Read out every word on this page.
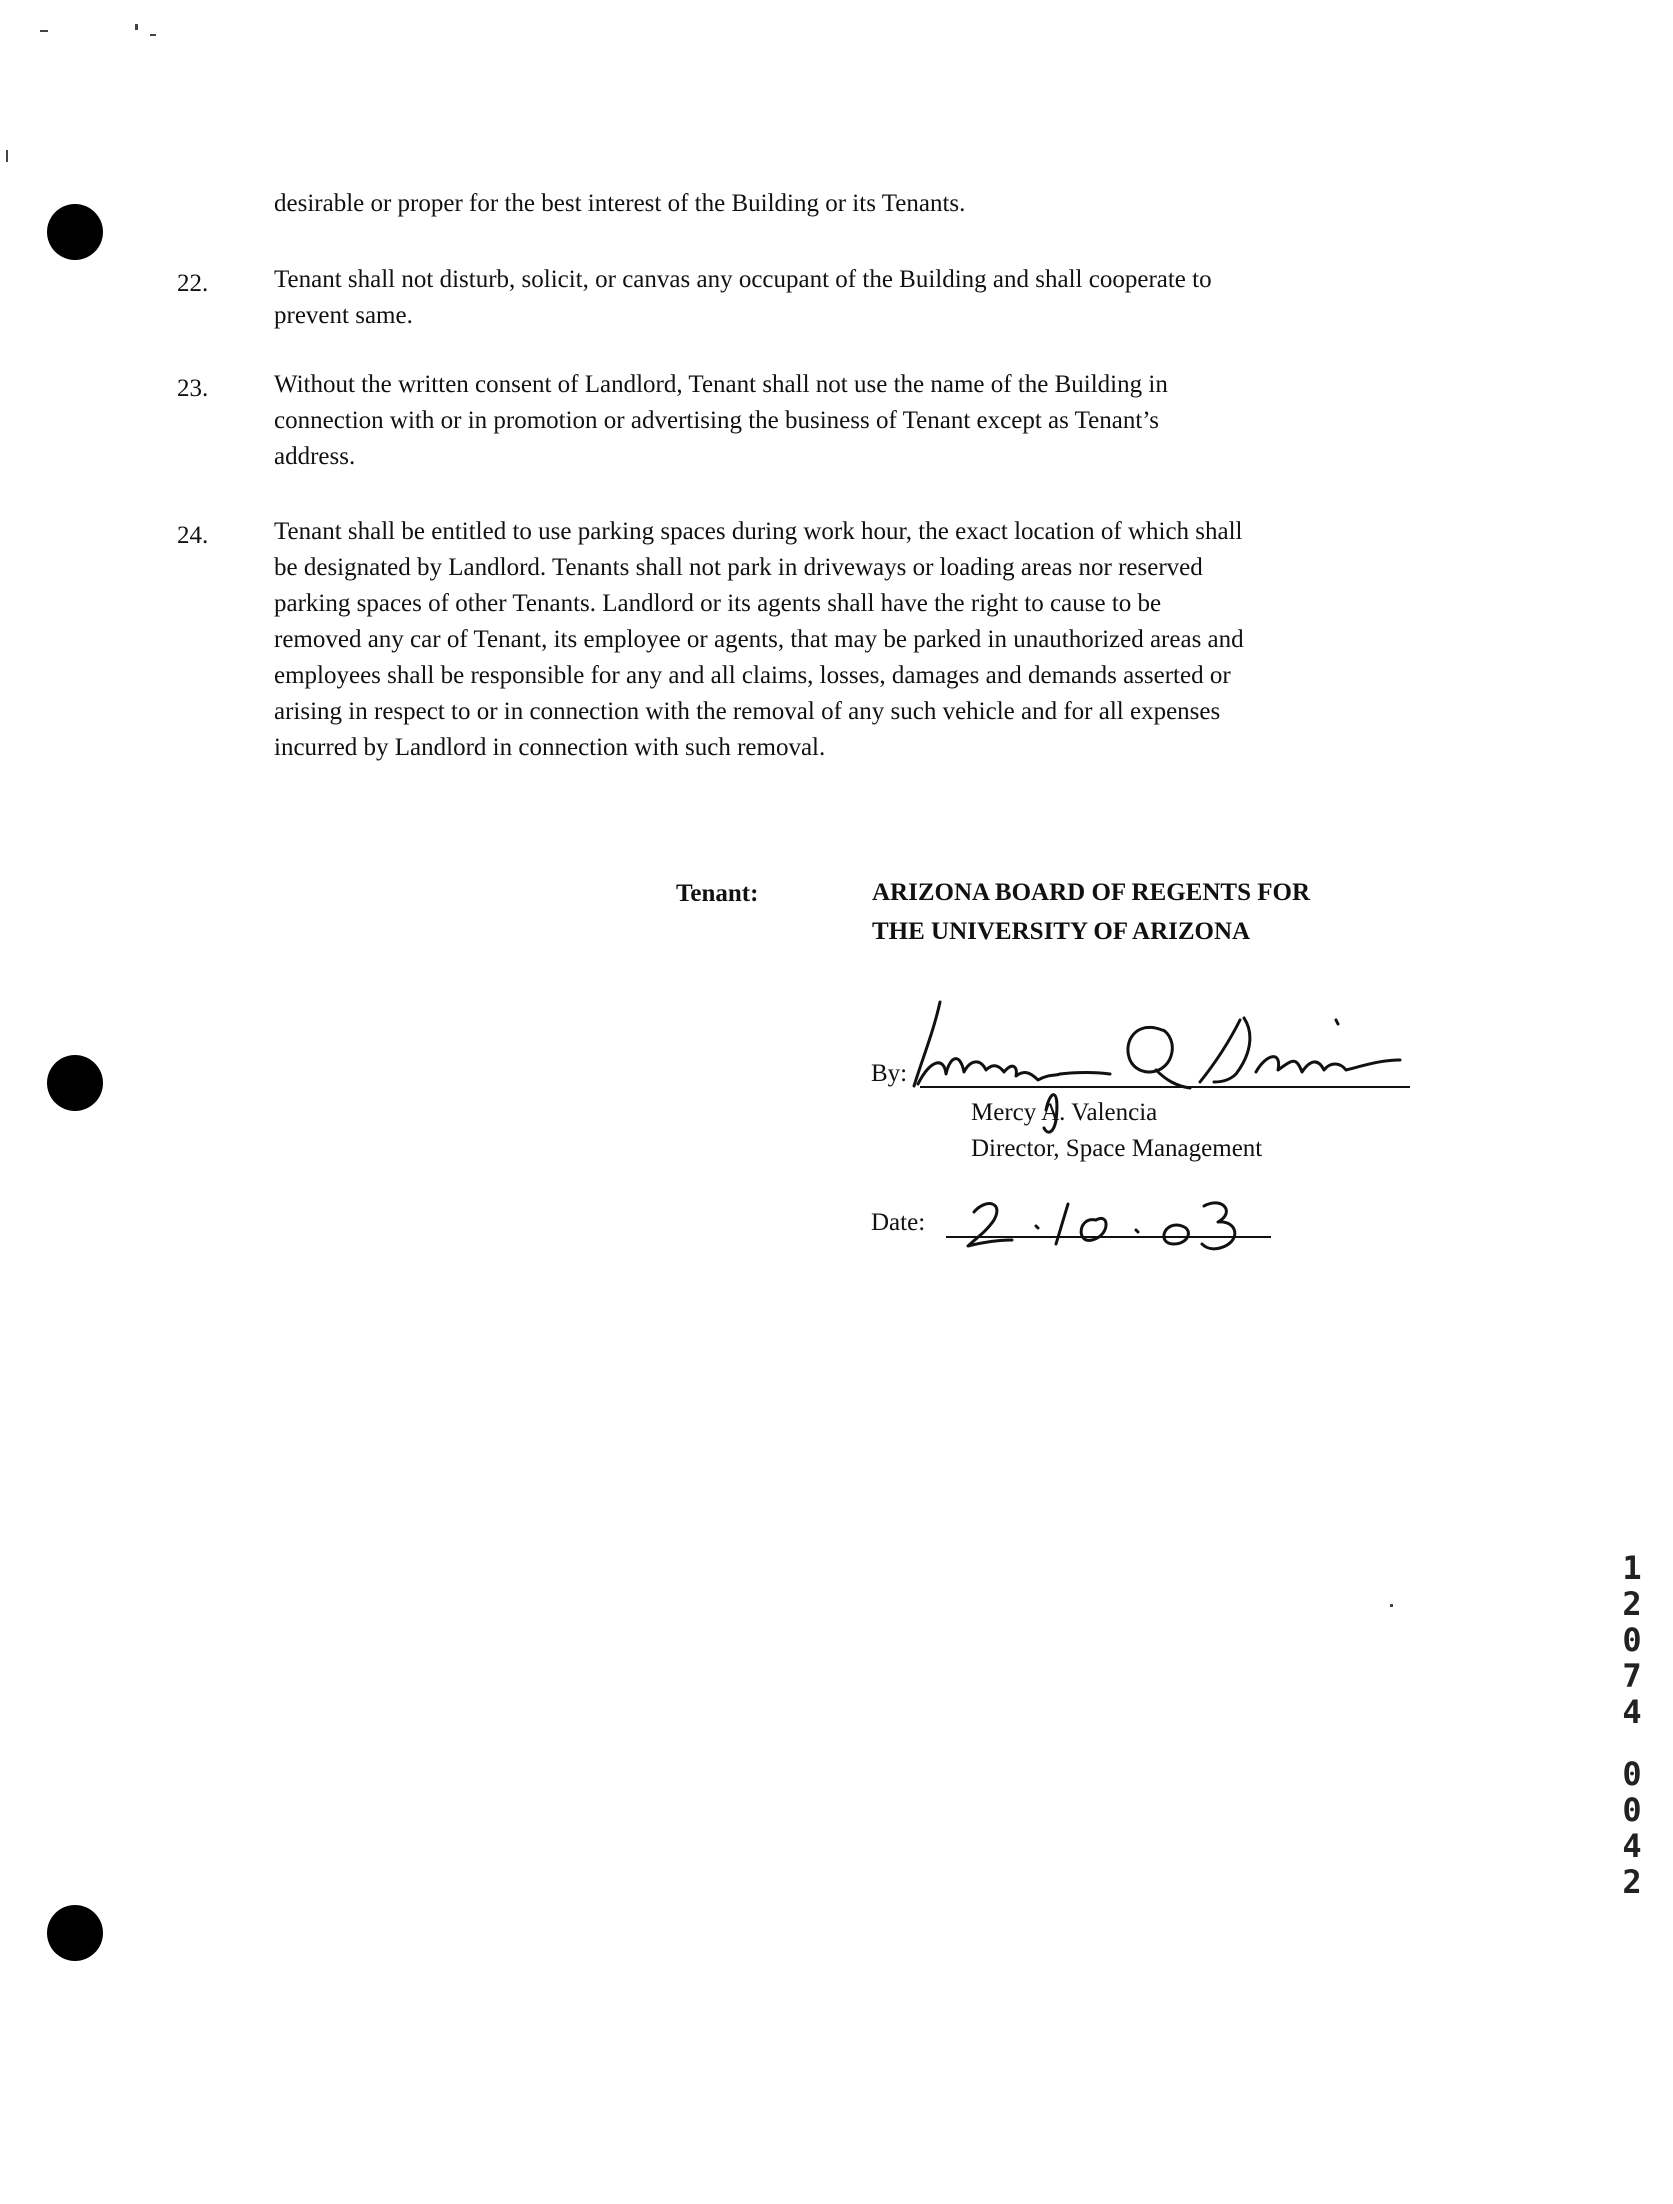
desirable or proper for the best interest of the Building or its Tenants.
22.	Tenant shall not disturb, solicit, or canvas any occupant of the Building and shall cooperate to
prevent same.
23.	Without the written consent of Landlord, Tenant shall not use the name of the Building in
connection with or in promotion or advertising the business of Tenant except as Tenant’s
address.
24.	Tenant shall be entitled to use parking spaces during work hour, the exact location of which shall
be designated by Landlord. Tenants shall not park in driveways or loading areas nor reserved
parking spaces of other Tenants. Landlord or its agents shall have the right to cause to be
removed any car of Tenant, its employee or agents, that may be parked in unauthorized areas and
employees shall be responsible for any and all claims, losses, damages and demands asserted or
arising in respect to or in connection with the removal of any such vehicle and for all expenses
incurred by Landlord in connection with such removal.
Tenant:	ARIZONA BOARD OF REGENTS FOR
THE UNIVERSITY OF ARIZONA
By:
Mercy A. Valencia
Director, Space Management
Date:
1
2
0
7
4
0
0
4
2
